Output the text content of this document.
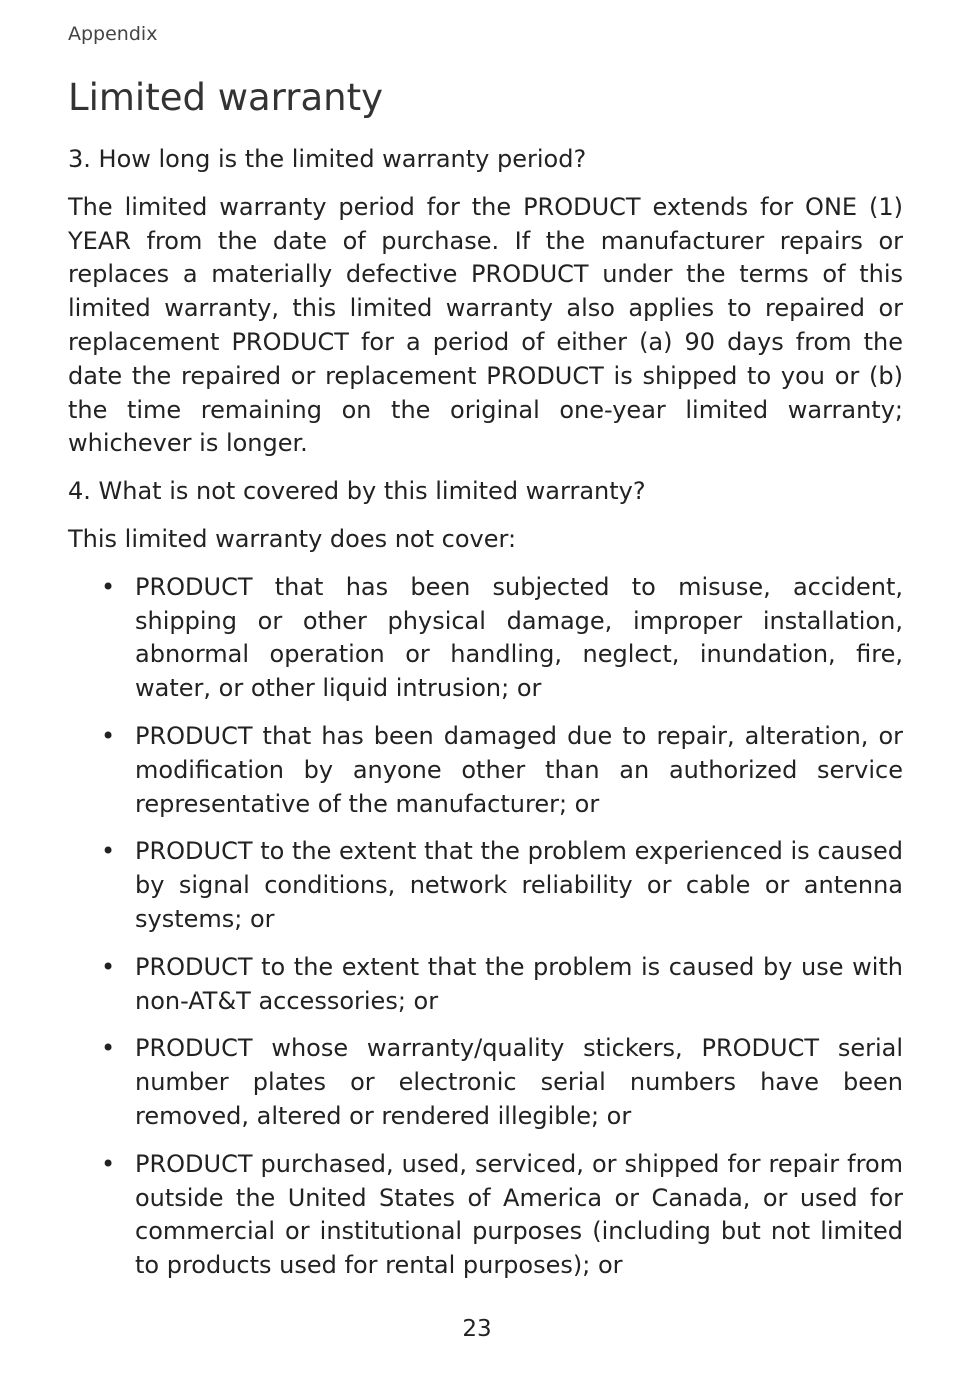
Appendix
Limited warranty

3. How long is the limited warranty period?

The limited warranty period for the PRODUCT extends for ONE (1) YEAR from the date of purchase. If the manufacturer repairs or replaces a materially defective PRODUCT under the terms of this limited warranty, this limited warranty also applies to repaired or replacement PRODUCT for a period of either (a) 90 days from the date the repaired or replacement PRODUCT is shipped to you or (b) the time remaining on the original one-year limited warranty; whichever is longer.

4. What is not covered by this limited warranty?

This limited warranty does not cover:

• PRODUCT that has been subjected to misuse, accident, shipping or other physical damage, improper installation, abnormal operation or handling, neglect, inundation, fire, water, or other liquid intrusion; or
• PRODUCT that has been damaged due to repair, alteration, or modification by anyone other than an authorized service representative of the manufacturer; or
• PRODUCT to the extent that the problem experienced is caused by signal conditions, network reliability or cable or antenna systems; or
• PRODUCT to the extent that the problem is caused by use with non-AT&T accessories; or
• PRODUCT whose warranty/quality stickers, PRODUCT serial number plates or electronic serial numbers have been removed, altered or rendered illegible; or
• PRODUCT purchased, used, serviced, or shipped for repair from outside the United States of America or Canada, or used for commercial or institutional purposes (including but not limited to products used for rental purposes); or
23
